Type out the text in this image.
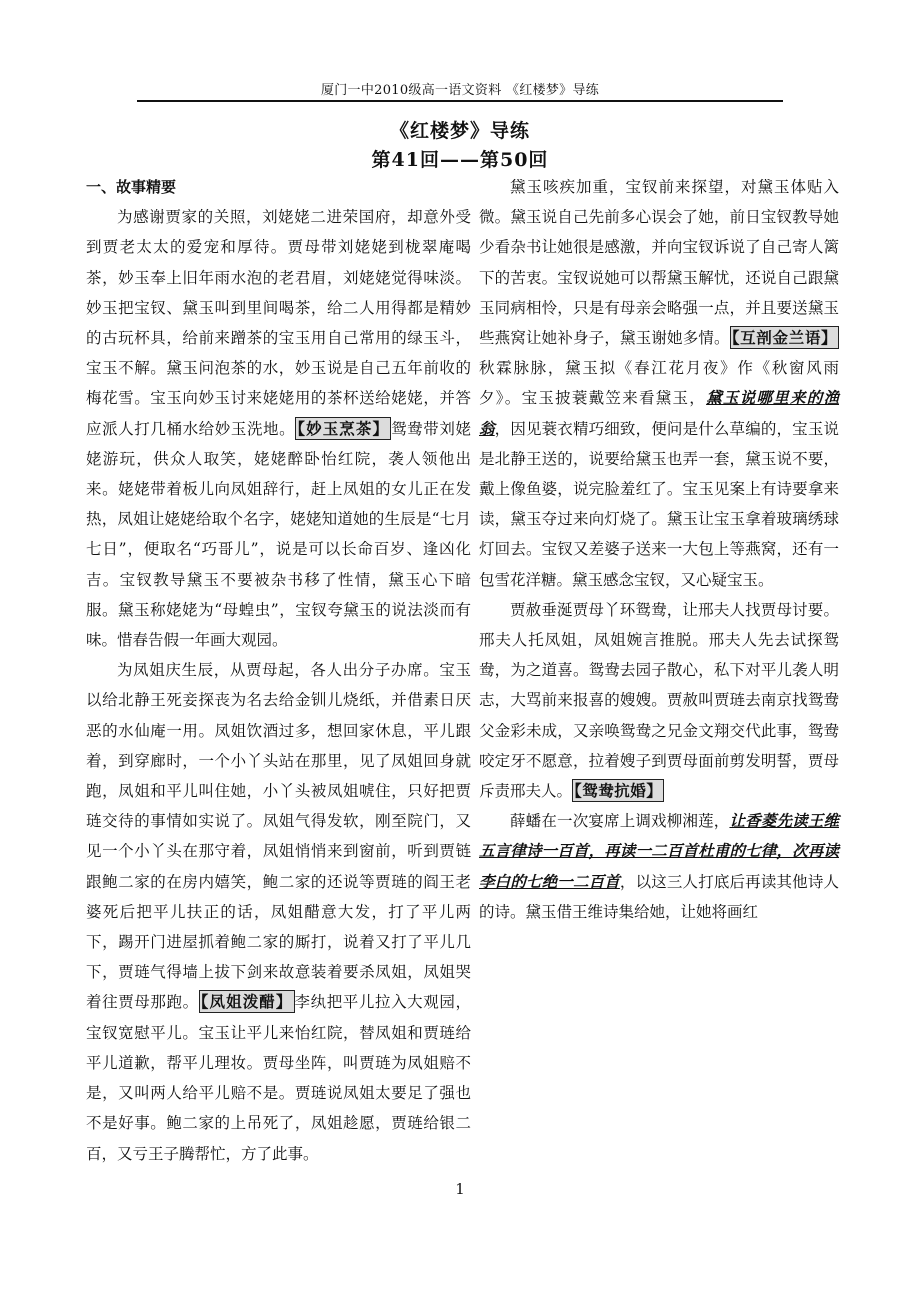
厦门一中2010级高一语文资料 《红楼梦》导练
《红楼梦》导练
第41回——第50回
一、故事精要

为感谢贾家的关照，刘姥姥二进荣国府，却意外受到贾老太太的爱宠和厚待。贾母带刘姥姥到栊翠庵喝茶，妙玉奉上旧年雨水泡的老君眉，刘姥姥觉得味淡。妙玉把宝钗、黛玉叫到里间喝茶，给二人用得都是精妙的古玩杯具，给前来蹭茶的宝玉用自己常用的绿玉斗，宝玉不解。黛玉问泡茶的水，妙玉说是自己五年前收的梅花雪。宝玉向妙玉讨来姥姥用的茶杯送给姥姥，并答应派人打几桶水给妙玉洗地。 【妙玉烹茶】 鸳鸯带刘姥姥游玩，供众人取笑，姥姥醉卧怡红院，袭人领他出来。姥姥带着板儿向凤姐辞行，赶上凤姐的女儿正在发热，凤姐让姥姥给取个名字，姥姥知道她的生辰是“七月七日”，便取名“巧哥儿”，说是可以长命百岁、逢凶化吉。宝钗教导黛玉不要被杂书移了性情，黛玉心下暗服。黛玉称姥姥为“母蝗虫”，宝钗夸黛玉的说法淡而有味。惜春告假一年画大观园。

为凤姐庆生辰，从贾母起，各人出分子办席。宝玉以给北静王死妾探丧为名去给金钏儿烧纸，并借素日厌恶的水仙庵一用。凤姐饮酒过多，想回家休息，平儿跟着，到穿廊时，一个小丫头站在那里，见了凤姐回身就跑，凤姐和平儿叫住她，小丫头被凤姐唬住，只好把贾琏交待的事情如实说了。凤姐气得发软，刚至院门，又见一个小丫头在那守着，凤姐悄悄来到窗前，听到贾链跟鲍二家的在房内嬉笑，鲍二家的还说等贾琏的阎王老婆死后把平儿扶正的话，凤姐醋意大发，打了平儿两下，踢开门进屋抓着鲍二家的厮打，说着又打了平儿几下，贾琏气得墙上拔下剑来故意装着要杀凤姐，凤姐哭着往贾母那跑。 【凤姐泼醋】 李纨把平儿拉入大观园，宝钗宽慰平儿。宝玉让平儿来怡红院，替凤姐和贾琏给平儿道歉，帮平儿理妆。贾母坐阵，叫贾琏为凤姐赔不是，又叫两人给平儿赔不是。贾琏说凤姐太要足了强也不是好事。鲍二家的上吊死了，凤姐趁愿，贾琏给银二百，又亏王子腾帮忙，方了此事。

黛玉咳疾加重，宝钗前来探望，对黛玉体贴入微。黛玉说自己先前多心误会了她，前日宝钗教导她少看杂书让她很是感激，并向宝钗诉说了自己寄人篱下的苦衷。宝钗说她可以帮黛玉解忧，还说自己跟黛玉同病相怜，只是有母亲会略强一点，并且要送黛玉些燕窝让她补身子，黛玉谢她多情。 【互剖金兰语】秋霖脉脉，黛玉拟《春江花月夜》作《秋窗风雨夕》。宝玉披蓑戴笠来看黛玉，黛玉说哪里来的渔翁，因见蓑衣精巧细致，便问是什么草编的，宝玉说是北静王送的，说要给黛玉也弄一套，黛玉说不要，戴上像鱼婆，说完脸羞红了。宝玉见案上有诗要拿来读，黛玉夺过来向灯烧了。黛玉让宝玉拿着玻璃绣球灯回去。宝钗又差婆子送来一大包上等燕窝，还有一包雪花洋糖。黛玉感念宝钗，又心疑宝玉。

贾赦垂涎贾母丫环鸳鸯，让邢夫人找贾母讨要。邢夫人托凤姐，凤姐婉言推脱。邢夫人先去试探鸳鸯，为之道喜。鸳鸯去园子散心，私下对平儿袭人明志，大骂前来报喜的嫂嫂。贾赦叫贾琏去南京找鸳鸯父金彩未成，又亲唤鸳鸯之兄金文翔交代此事，鸳鸯咬定牙不愿意，拉着嫂子到贾母面前剪发明誓，贾母斥责邢夫人。 【鸳鸯抗婚】

薛蟠在一次宴席上调戏柳湘莲，让香菱先读王维五言律诗一百首，再读一二百首杜甫的七律，次再读李白的七绝一二百首，以这三人打底后再读其他诗人的诗。黛玉借王维诗集给她，让她将画红

1
